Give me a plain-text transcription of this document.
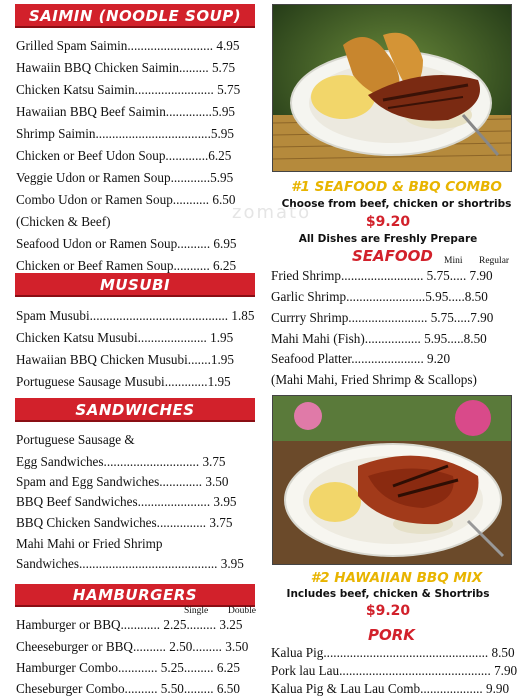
SAIMIN (NOODLE SOUP)
Grilled Spam Saimin.......................... 4.95
Hawaiin BBQ Chicken Saimin......... 5.75
Chicken Katsu Saimin........................ 5.75
Hawaiian BBQ Beef Saimin..............5.95
Shrimp Saimin...................................5.95
Chicken or Beef Udon Soup.............6.25
Veggie Udon or Ramen Soup............5.95
Combo Udon or Ramen Soup........... 6.50
(Chicken & Beef)
Seafood Udon or Ramen Soup.......... 6.95
Chicken or Beef Ramen Soup........... 6.25
MUSUBI
Spam Musubi.......................................... 1.85
Chicken Katsu Musubi..................... 1.95
Hawaiian BBQ Chicken Musubi.......1.95
Portuguese Sausage Musubi.............1.95
SANDWICHES
Portuguese Sausage &
Egg Sandwiches............................. 3.75
Spam and Egg Sandwiches............. 3.50
BBQ Beef Sandwiches...................... 3.95
BBQ Chicken Sandwiches............... 3.75
Mahi Mahi or Fried Shrimp
Sandwiches.......................................... 3.95
HAMBURGERS
Single Double
Hamburger or BBQ............ 2.25......... 3.25
Cheeseburger or BBQ.......... 2.50......... 3.50
Hamburger Combo............ 5.25......... 6.25
Cheseburger Combo.......... 5.50......... 6.50
#1 SEAFOOD & BBQ COMBO
Choose from beef, chicken or shortribs
$9.20
All Dishes are Freshly Prepare
SEAFOOD Mini Regular
Fried Shrimp......................... 5.75..... 7.90
Garlic Shrimp........................5.95.....8.50
Currry Shrimp........................ 5.75.....7.90
Mahi Mahi (Fish)................. 5.95.....8.50
Seafood Platter...................... 9.20
(Mahi Mahi, Fried Shrimp & Scallops)
#2 HAWAIIAN BBQ MIX
Includes beef, chicken & Shortribs
$9.20
PORK
Kalua Pig.................................................. 8.50
Pork lau Lau.............................................. 7.90
Kalua Pig & Lau Lau Comb................... 9.90
zomato
